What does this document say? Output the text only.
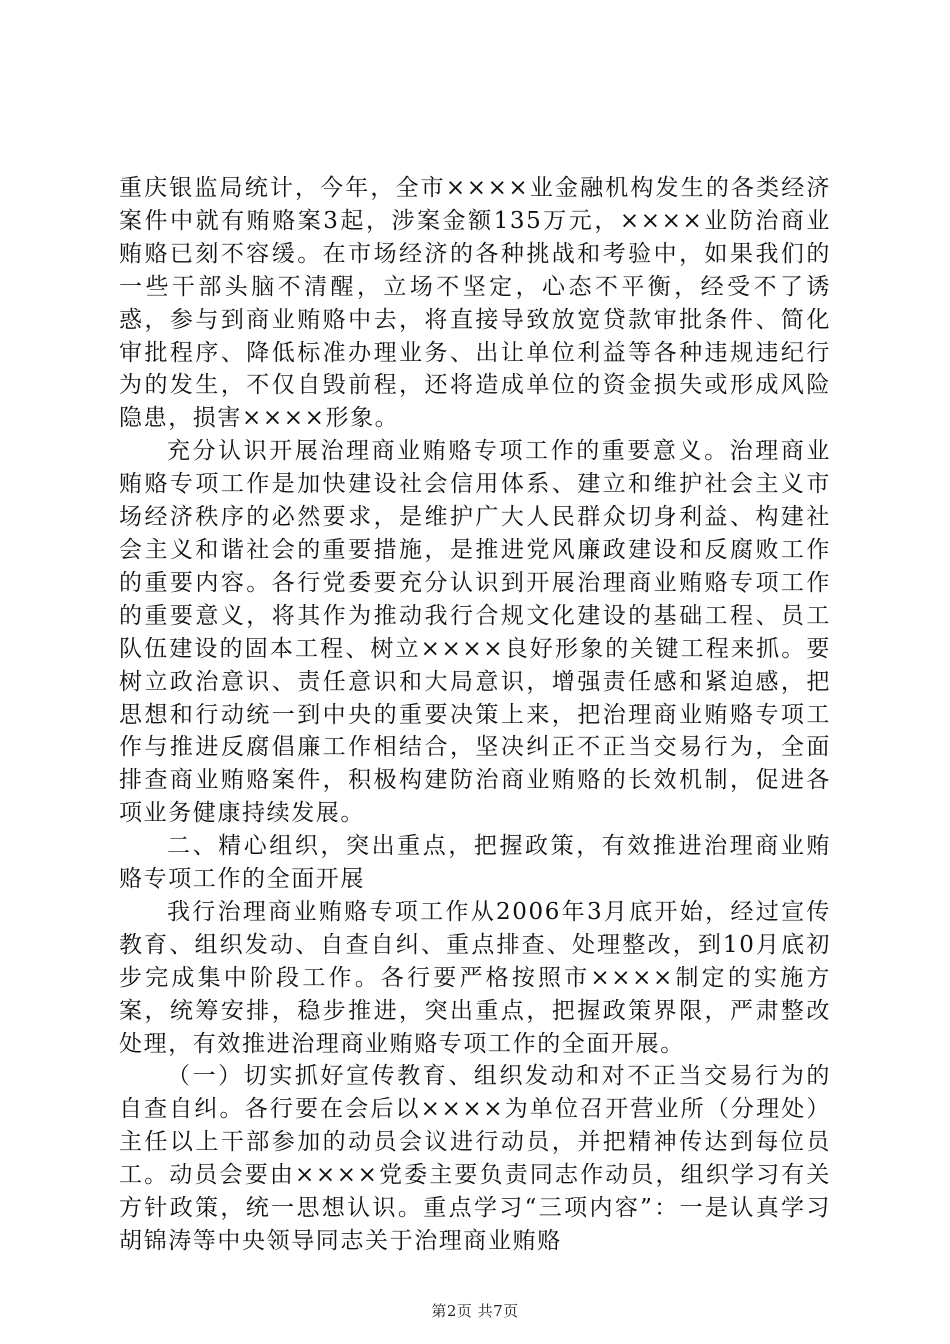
重庆银监局统计，今年，全市××××业金融机构发生的各类经济案件中就有贿赂案3起，涉案金额135万元，××××业防治商业贿赂已刻不容缓。在市场经济的各种挑战和考验中，如果我们的一些干部头脑不清醒，立场不坚定，心态不平衡，经受不了诱惑，参与到商业贿赂中去，将直接导致放宽贷款审批条件、简化审批程序、降低标准办理业务、出让单位利益等各种违规违纪行为的发生，不仅自毁前程，还将造成单位的资金损失或形成风险隐患，损害××××形象。

充分认识开展治理商业贿赂专项工作的重要意义。治理商业贿赂专项工作是加快建设社会信用体系、建立和维护社会主义市场经济秩序的必然要求，是维护广大人民群众切身利益、构建社会主义和谐社会的重要措施，是推进党风廉政建设和反腐败工作的重要内容。各行党委要充分认识到开展治理商业贿赂专项工作的重要意义，将其作为推动我行合规文化建设的基础工程、员工队伍建设的固本工程、树立××××良好形象的关键工程来抓。要树立政治意识、责任意识和大局意识，增强责任感和紧迫感，把思想和行动统一到中央的重要决策上来，把治理商业贿赂专项工作与推进反腐倡廉工作相结合，坚决纠正不正当交易行为，全面排查商业贿赂案件，积极构建防治商业贿赂的长效机制，促进各项业务健康持续发展。

二、精心组织，突出重点，把握政策，有效推进治理商业贿赂专项工作的全面开展

我行治理商业贿赂专项工作从2006年3月底开始，经过宣传教育、组织发动、自查自纠、重点排查、处理整改，到10月底初步完成集中阶段工作。各行要严格按照市××××制定的实施方案，统筹安排，稳步推进，突出重点，把握政策界限，严肃整改处理，有效推进治理商业贿赂专项工作的全面开展。

（一）切实抓好宣传教育、组织发动和对不正当交易行为的自查自纠。各行要在会后以××××为单位召开营业所（分理处）主任以上干部参加的动员会议进行动员，并把精神传达到每位员工。动员会要由××××党委主要负责同志作动员，组织学习有关方针政策，统一思想认识。重点学习“三项内容”：一是认真学习胡锦涛等中央领导同志关于治理商业贿赂

第2页 共7页
